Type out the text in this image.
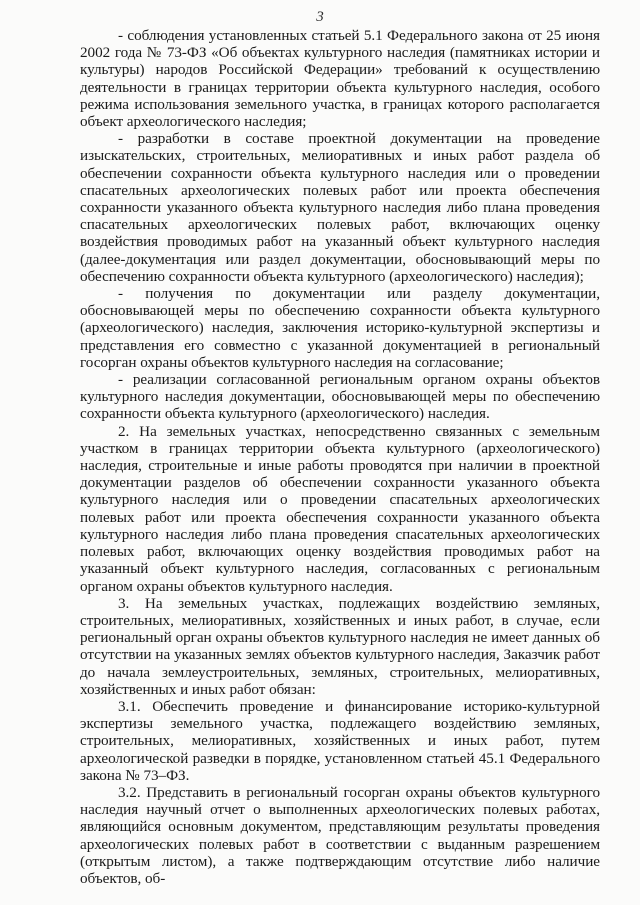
3

- соблюдения установленных статьей 5.1 Федерального закона от 25 июня 2002 года № 73-ФЗ «Об объектах культурного наследия (памятниках истории и культуры) народов Российской Федерации» требований к осуществлению деятельности в границах территории объекта культурного наследия, особого режима использования земельного участка, в границах которого располагается объект археологического наследия;

- разработки в составе проектной документации на проведение изыскательских, строительных, мелиоративных и иных работ раздела об обеспечении сохранности объекта культурного наследия или о проведении спасательных археологических полевых работ или проекта обеспечения сохранности указанного объекта культурного наследия либо плана проведения спасательных археологических полевых работ, включающих оценку воздействия проводимых работ на указанный объект культурного наследия (далее-документация или раздел документации, обосновывающий меры по обеспечению сохранности объекта культурного (археологического) наследия);

- получения по документации или разделу документации, обосновывающей меры по обеспечению сохранности объекта культурного (археологического) наследия, заключения историко-культурной экспертизы и представления его совместно с указанной документацией в региональный госорган охраны объектов культурного наследия на согласование;

- реализации согласованной региональным органом охраны объектов культурного наследия документации, обосновывающей меры по обеспечению сохранности объекта культурного (археологического) наследия.

2. На земельных участках, непосредственно связанных с земельным участком в границах территории объекта культурного (археологического) наследия, строительные и иные работы проводятся при наличии в проектной документации разделов об обеспечении сохранности указанного объекта культурного наследия или о проведении спасательных археологических полевых работ или проекта обеспечения сохранности указанного объекта культурного наследия либо плана проведения спасательных археологических полевых работ, включающих оценку воздействия проводимых работ на указанный объект культурного наследия, согласованных с региональным органом охраны объектов культурного наследия.

3. На земельных участках, подлежащих воздействию земляных, строительных, мелиоративных, хозяйственных и иных работ, в случае, если региональный орган охраны объектов культурного наследия не имеет данных об отсутствии на указанных землях объектов культурного наследия, Заказчик работ до начала землеустроительных, земляных, строительных, мелиоративных, хозяйственных и иных работ обязан:

3.1. Обеспечить проведение и финансирование историко-культурной экспертизы земельного участка, подлежащего воздействию земляных, строительных, мелиоративных, хозяйственных и иных работ, путем археологической разведки в порядке, установленном статьей 45.1 Федерального закона № 73–ФЗ.

3.2. Представить в региональный госорган охраны объектов культурного наследия научный отчет о выполненных археологических полевых работах, являющийся основным документом, представляющим результаты проведения археологических полевых работ в соответствии с выданным разрешением (открытым листом), а также подтверждающим отсутствие либо наличие объектов, об-
